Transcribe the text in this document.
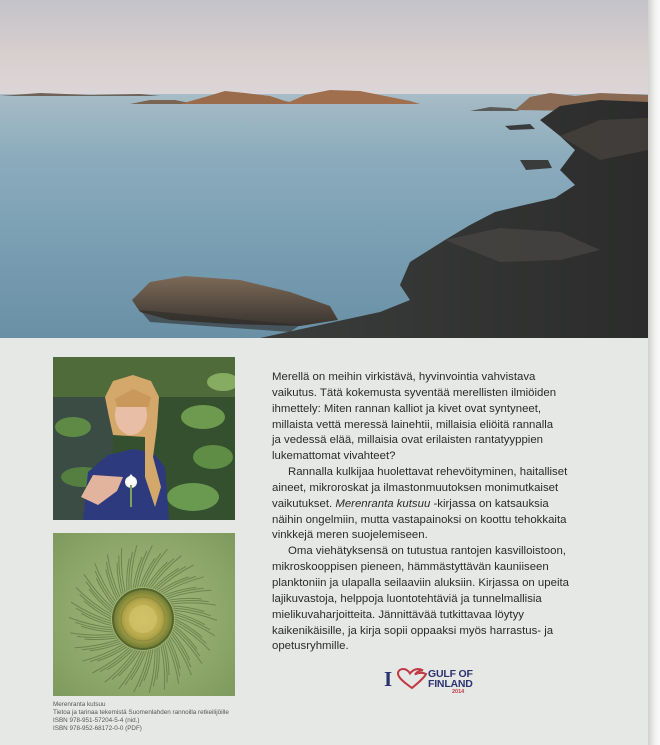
Merenranta kutsuu
Tietoa ja tarinaa tekemistä Suomenlahden rannoilla retkeilijöille
ISBN 978-951-57204-5-4 (nid.)
ISBN 978-952-68172-0-0 (PDF)

Merellä on meihin virkistävä, hyvinvointia vahvistava
vaikutus. Tätä kokemusta syventää merellisten ilmiöiden
ihmettely: Miten rannan kalliot ja kivet ovat syntyneet,
millaista vettä meressä lainehtii, millaisia eliöitä rannalla
ja vedessä elää, millaisia ovat erilaisten rantatyyppien
lukemattomat vivahteet?

Rannalla kulkijaa huolettavat rehevöityminen, haitalliset
aineet, mikroroskat ja ilmastonmuutoksen monimutkaiset
vaikutukset. Merenranta kutsuu -kirjassa on katsauksia
näihin ongelmiin, mutta vastapainoksi on koottu tehokkaita
vinkkejä meren suojelemiseen.

Oma viehätyksensä on tutustua rantojen kasvilloistoon,
mikroskooppisen pieneen, hämmästyttävän kauniiseen
planktoniin ja ulapalla seilaaviin aluksiin. Kirjassa on upeita
lajikuvastoja, helppoja luontotehtäviä ja tunnelmallisia
mielikuvaharjoitteita. Jännittävää tutkittavaa löytyy
kaikenikäisille, ja kirja sopii oppaaksi myös harrastus- ja
opetusryhmille.

I	GULF OF
FINLAND
2014
